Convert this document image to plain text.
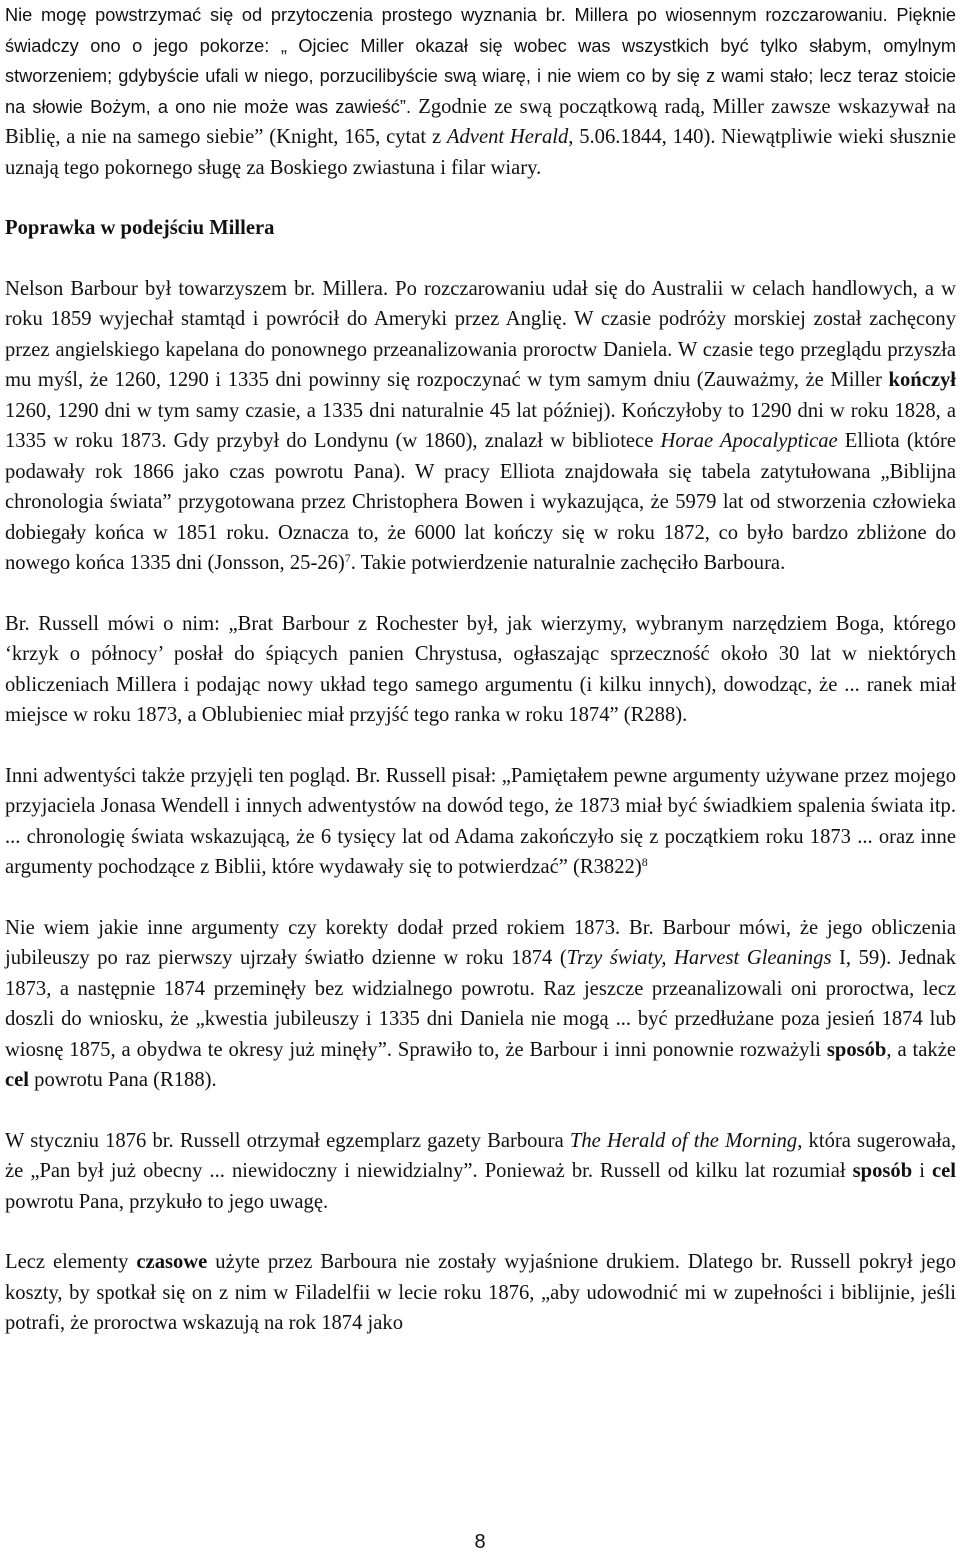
Nie mogę powstrzymać się od przytoczenia prostego wyznania br. Millera po wiosennym rozczarowaniu. Pięknie świadczy ono o jego pokorze: „ Ojciec Miller okazał się wobec was wszystkich być tylko słabym, omylnym stworzeniem; gdybyście ufali w niego, porzucilibyście swą wiarę, i nie wiem co by się z wami stało; lecz teraz stoicie na słowie Bożym, a ono nie może was zawieść”. Zgodnie ze swą początkową radą, Miller zawsze wskazywał na Biblię, a nie na samego siebie” (Knight, 165, cytat z Advent Herald, 5.06.1844, 140). Niewątpliwie wieki słusznie uznają tego pokornego sługę za Boskiego zwiastuna i filar wiary.

Poprawka w podejściu Millera

Nelson Barbour był towarzyszem br. Millera. Po rozczarowaniu udał się do Australii w celach handlowych, a w roku 1859 wyjechał stamtąd i powrócił do Ameryki przez Anglię. W czasie podróży morskiej został zachęcony przez angielskiego kapelana do ponownego przeanalizowania proroctw Daniela. W czasie tego przeglądu przyszła mu myśl, że 1260, 1290 i 1335 dni powinny się rozpoczynać w tym samym dniu (Zauważmy, że Miller kończył 1260, 1290 dni w tym samy czasie, a 1335 dni naturalnie 45 lat później). Kończyłoby to 1290 dni w roku 1828, a 1335 w roku 1873. Gdy przybył do Londynu (w 1860), znalazł w bibliotece Horae Apocalypticae Elliota (które podawały rok 1866 jako czas powrotu Pana). W pracy Elliota znajdowała się tabela zatytułowana „Biblijna chronologia świata” przygotowana przez Christophera Bowen i wykazująca, że 5979 lat od stworzenia człowieka dobiegały końca w 1851 roku. Oznacza to, że 6000 lat kończy się w roku 1872, co było bardzo zbliżone do nowego końca 1335 dni (Jonsson, 25-26)$^7$. Takie potwierdzenie naturalnie zachęciło Barboura.

Br. Russell mówi o nim: „Brat Barbour z Rochester był, jak wierzymy, wybranym narzędziem Boga, którego ‘krzyk o północy’ posłał do śpiących panien Chrystusa, ogłaszając sprzeczność około 30 lat w niektórych obliczeniach Millera i podając nowy układ tego samego argumentu (i kilku innych), dowodząc, że ... ranek miał miejsce w roku 1873, a Oblubieniec miał przyjść tego ranka w roku 1874” (R288).

Inni adwentyści także przyjęli ten pogląd. Br. Russell pisał: „Pamiętałem pewne argumenty używane przez mojego przyjaciela Jonasa Wendell i innych adwentystów na dowód tego, że 1873 miał być świadkiem spalenia świata itp. ... chronologię świata wskazującą, że 6 tysięcy lat od Adama zakończyło się z początkiem roku 1873 ... oraz inne argumenty pochodzące z Biblii, które wydawały się to potwierdzać” $(R3822)^8$

Nie wiem jakie inne argumenty czy korekty dodał przed rokiem 1873. Br. Barbour mówi, że jego obliczenia jubileuszy po raz pierwszy ujrzały światło dzienne w roku 1874 (Trzy światy, Harvest Gleanings I, 59). Jednak 1873, a następnie 1874 przeminęły bez widzialnego powrotu. Raz jeszcze przeanalizowali oni proroctwa, lecz doszli do wniosku, że „kwestia jubileuszy i 1335 dni Daniela nie mogą ... być przedłużane poza jesień 1874 lub wiosnę 1875, a obydwa te okresy już minęły”. Sprawiło to, że Barbour i inni ponownie rozważyli sposób, a także cel powrotu Pana (R188).

W styczniu 1876 br. Russell otrzymał egzemplarz gazety Barboura The Herald of the Morning, która sugerowała, że „Pan był już obecny ... niewidoczny i niewidzialny”. Ponieważ br. Russell od kilku lat rozumiał sposób i cel powrotu Pana, przykuło to jego uwagę.

Lecz elementy czasowe użyte przez Barboura nie zostały wyjaśnione drukiem. Dlatego br. Russell pokrył jego koszty, by spotkał się on z nim w Filadelfii w lecie roku 1876, „aby udowodnić mi w zupełności i biblijnie, jeśli potrafi, że proroctwa wskazują na rok 1874 jako

8
